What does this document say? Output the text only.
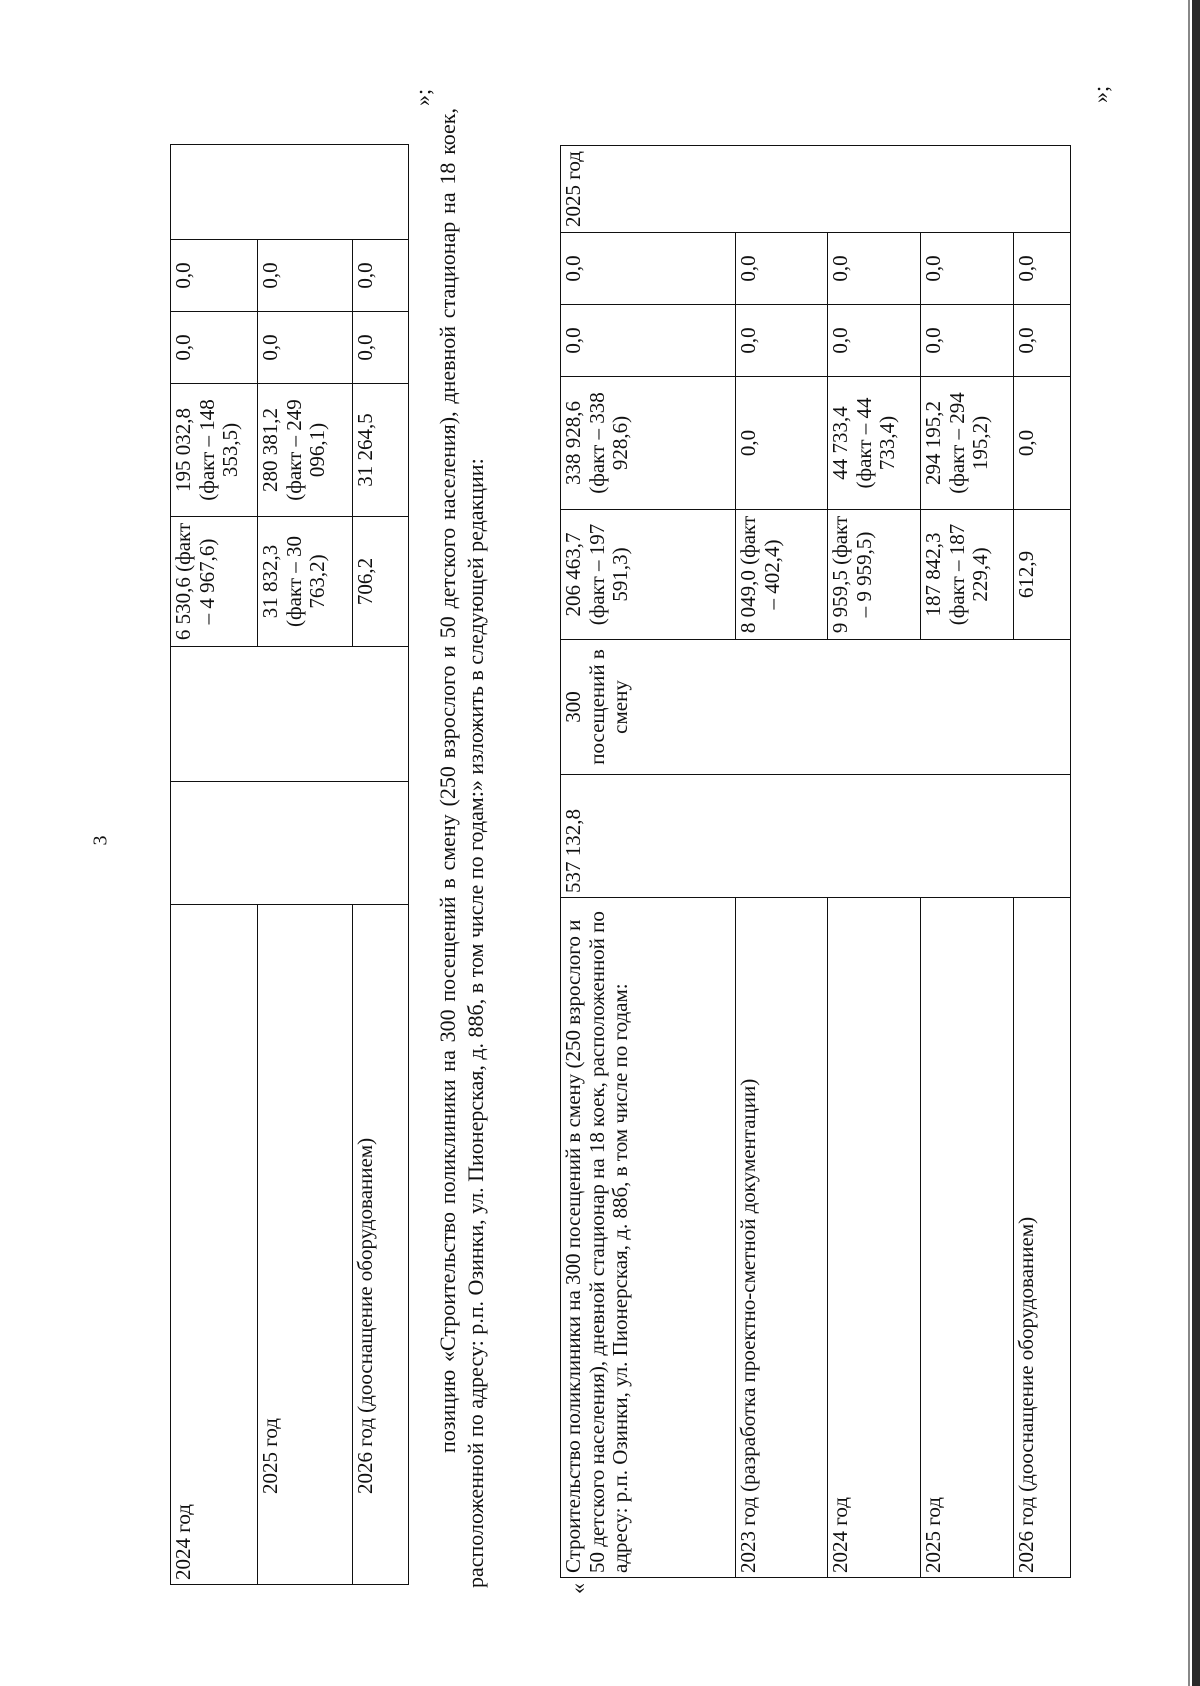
3
2024 год			6 530,6 (факт – 4 967,6)	195 032,8 (факт – 148 353,5)	0,0	0,0	
2025 год			31 832,3 (факт – 30 763,2)	280 381,2 (факт – 249 096,1)	0,0	0,0	
2026 год (дооснащение оборудованием)			706,2	31 264,5	0,0	0,0	
»;
позицию «Строительство поликлиники на 300 посещений в смену (250 взрослого и 50 детского населения), дневной стационар на 18 коек, расположенной по адресу: р.п. Озинки, ул. Пионерская, д. 88б, в том числе по годам:» изложить в следующей редакции:
«
Строительство поликлиники на 300 посещений в смену (250 взрослого и 50 детского населения), дневной стационар на 18 коек, расположенной по адресу: р.п. Озинки, ул. Пионерская, д. 88б, в том числе по годам:	537 132,8	300 посещений в смену	206 463,7 (факт – 197 591,3)	338 928,6 (факт – 338 928,6)	0,0	0,0	2025 год
2023 год (разработка проектно-сметной документации)			8 049,0 (факт – 402,4)	0,0	0,0	0,0	
2024 год			9 959,5 (факт – 9 959,5)	44 733,4 (факт – 44 733,4)	0,0	0,0	
2025 год			187 842,3 (факт – 187 229,4)	294 195,2 (факт – 294 195,2)	0,0	0,0	
2026 год (дооснащение оборудованием)			612,9	0,0	0,0	0,0	
»;
